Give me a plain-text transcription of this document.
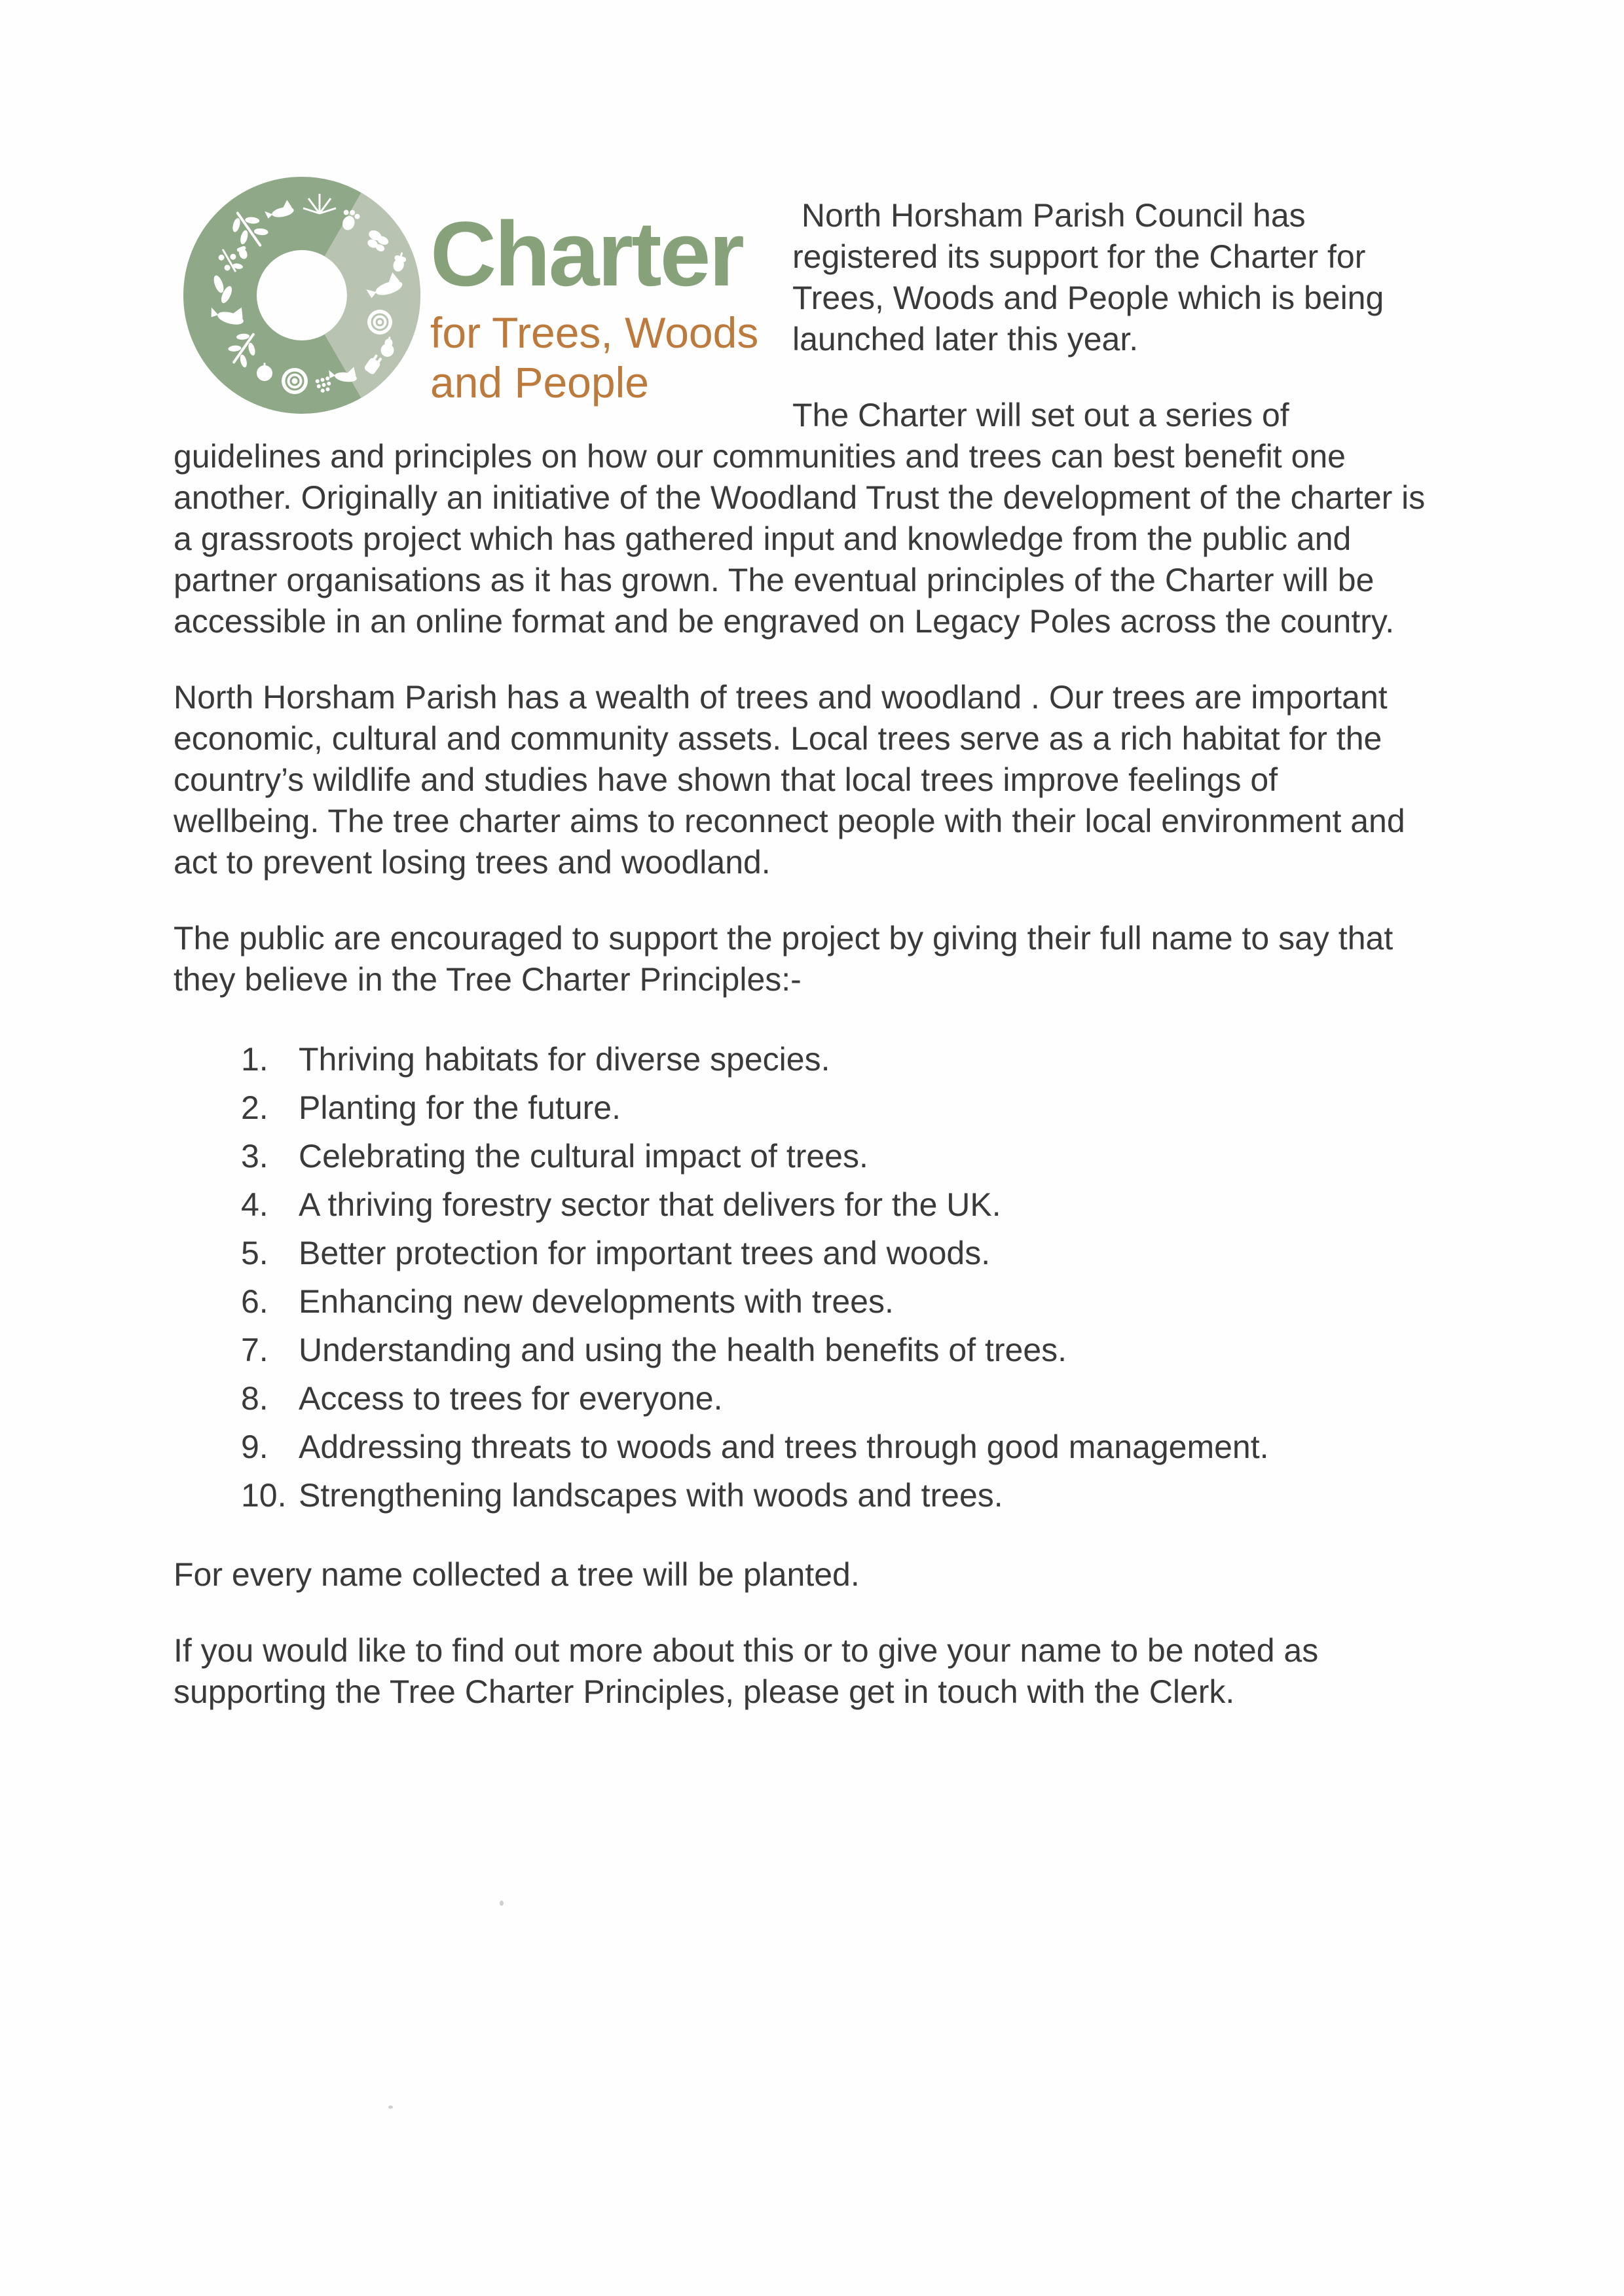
Charter
for Trees, Woods
and People

North Horsham Parish Council has registered its support for the Charter for Trees, Woods and People which is being launched later this year.

The Charter will set out a series of guidelines and principles on how our communities and trees can best benefit one another. Originally an initiative of the Woodland Trust the development of the charter is a grassroots project which has gathered input and knowledge from the public and partner organisations as it has grown. The eventual principles of the Charter will be accessible in an online format and be engraved on Legacy Poles across the country.

North Horsham Parish has a wealth of trees and woodland . Our trees are important economic, cultural and community assets. Local trees serve as a rich habitat for the country’s wildlife and studies have shown that local trees improve feelings of wellbeing. The tree charter aims to reconnect people with their local environment and act to prevent losing trees and woodland.

The public are encouraged to support the project by giving their full name to say that they believe in the Tree Charter Principles:-

1. Thriving habitats for diverse species.
2. Planting for the future.
3. Celebrating the cultural impact of trees.
4. A thriving forestry sector that delivers for the UK.
5. Better protection for important trees and woods.
6. Enhancing new developments with trees.
7. Understanding and using the health benefits of trees.
8. Access to trees for everyone.
9. Addressing threats to woods and trees through good management.
10. Strengthening landscapes with woods and trees.

For every name collected a tree will be planted.

If you would like to find out more about this or to give your name to be noted as supporting the Tree Charter Principles, please get in touch with the Clerk.
